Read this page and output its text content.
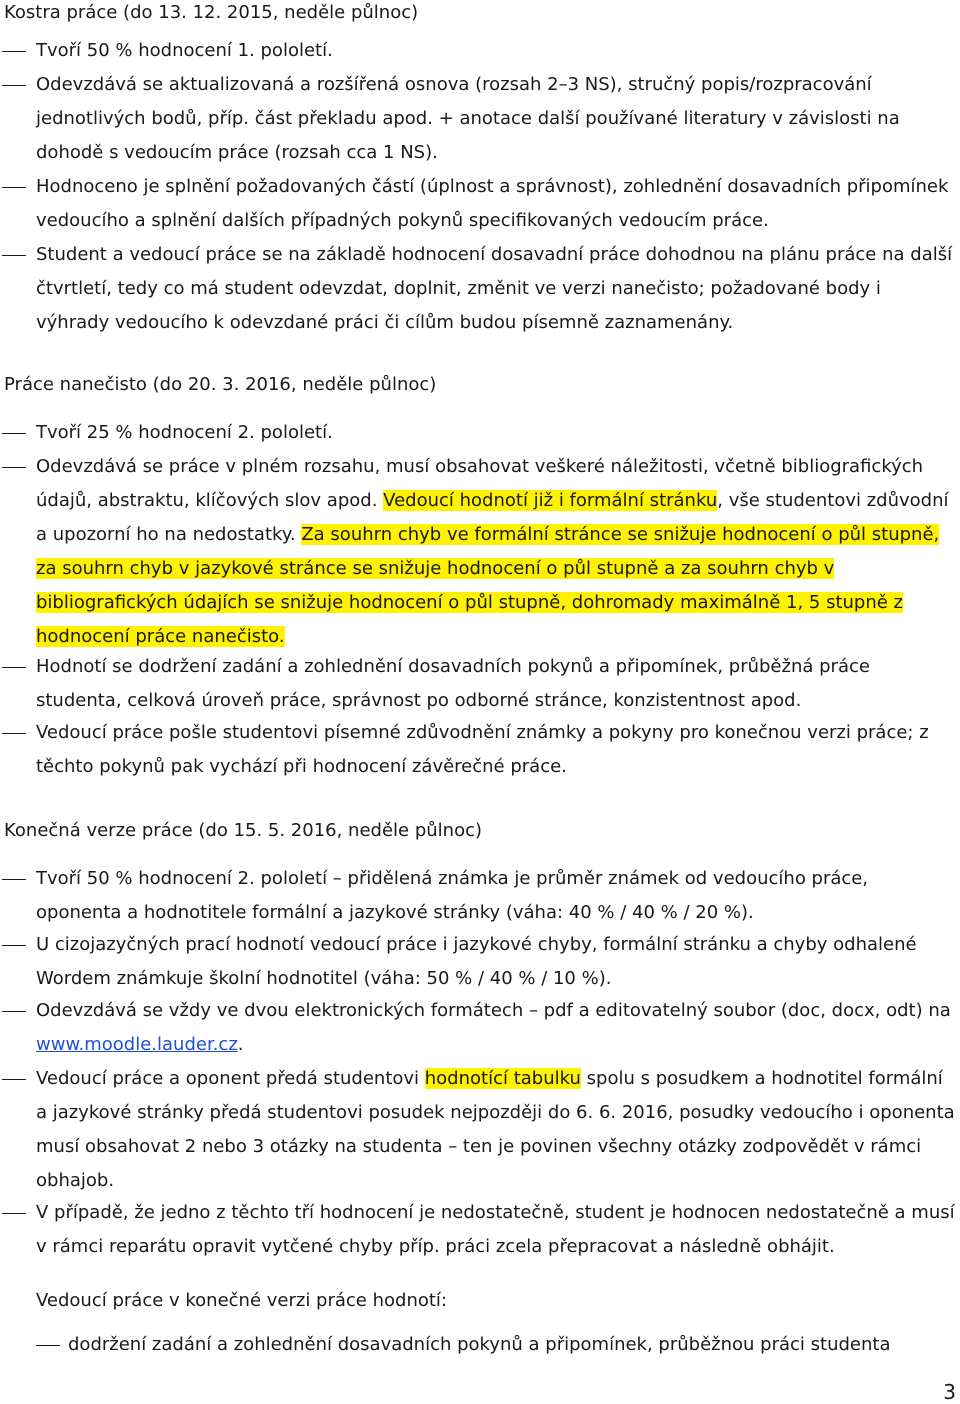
Kostra práce (do 13. 12. 2015, neděle půlnoc)
Tvoří 50 % hodnocení 1. pololetí.
Odevzdává se aktualizovaná a rozšířená osnova (rozsah 2–3 NS), stručný popis/rozpracování jednotlivých bodů, příp. část překladu apod. + anotace další používané literatury v závislosti na dohodě s vedoucím práce (rozsah cca 1 NS).
Hodnoceno je splnění požadovaných částí (úplnost a správnost), zohlednění dosavadních připomínek vedoucího a splnění dalších případných pokynů specifikovaných vedoucím práce.
Student a vedoucí práce se na základě hodnocení dosavadní práce dohodnou na plánu práce na další čtvrtletí, tedy co má student odevzdat, doplnit, změnit ve verzi nanečisto; požadované body i výhrady vedoucího k odevzdané práci či cílům budou písemně zaznamenány.
Práce nanečisto (do 20. 3. 2016, neděle půlnoc)
Tvoří 25 % hodnocení 2. pololetí.
Odevzdává se práce v plném rozsahu, musí obsahovat veškeré náležitosti, včetně bibliografických údajů, abstraktu, klíčových slov apod. Vedoucí hodnotí již i formální stránku, vše studentovi zdůvodní a upozorní ho na nedostatky. Za souhrn chyb ve formální stránce se snižuje hodnocení o půl stupně, za souhrn chyb v jazykové stránce se snižuje hodnocení o půl stupně a za souhrn chyb v bibliografických údajích se snižuje hodnocení o půl stupně, dohromady maximálně 1, 5 stupně z hodnocení práce nanečisto.
Hodnotí se dodržení zadání a zohlednění dosavadních pokynů a připomínek, průběžná práce studenta, celková úroveň práce, správnost po odborné stránce, konzistentnost apod.
Vedoucí práce pošle studentovi písemné zdůvodnění známky a pokyny pro konečnou verzi práce; z těchto pokynů pak vychází při hodnocení závěrečné práce.
Konečná verze práce (do 15. 5. 2016, neděle půlnoc)
Tvoří 50 % hodnocení 2. pololetí – přidělená známka je průměr známek od vedoucího práce, oponenta a hodnotitele formální a jazykové stránky (váha: 40 % / 40 % / 20 %).
U cizojazyčných prací hodnotí vedoucí práce i jazykové chyby, formální stránku a chyby odhalené Wordem známkuje školní hodnotitel (váha: 50 % / 40 % / 10 %).
Odevzdává se vždy ve dvou elektronických formátech – pdf a editovatelný soubor (doc, docx, odt) na www.moodle.lauder.cz.
Vedoucí práce a oponent předá studentovi hodnotící tabulku spolu s posudkem a hodnotitel formální a jazykové stránky předá studentovi posudek nejpozději do 6. 6. 2016, posudky vedoucího i oponenta musí obsahovat 2 nebo 3 otázky na studenta – ten je povinen všechny otázky zodpovědět v rámci obhajob.
V případě, že jedno z těchto tří hodnocení je nedostatečně, student je hodnocen nedostatečně a musí v rámci reparátu opravit vytčené chyby příp. práci zcela přepracovat a následně obhájit.
Vedoucí práce v konečné verzi práce hodnotí:
dodržení zadání a zohlednění dosavadních pokynů a připomínek, průběžnou práci studenta
3
